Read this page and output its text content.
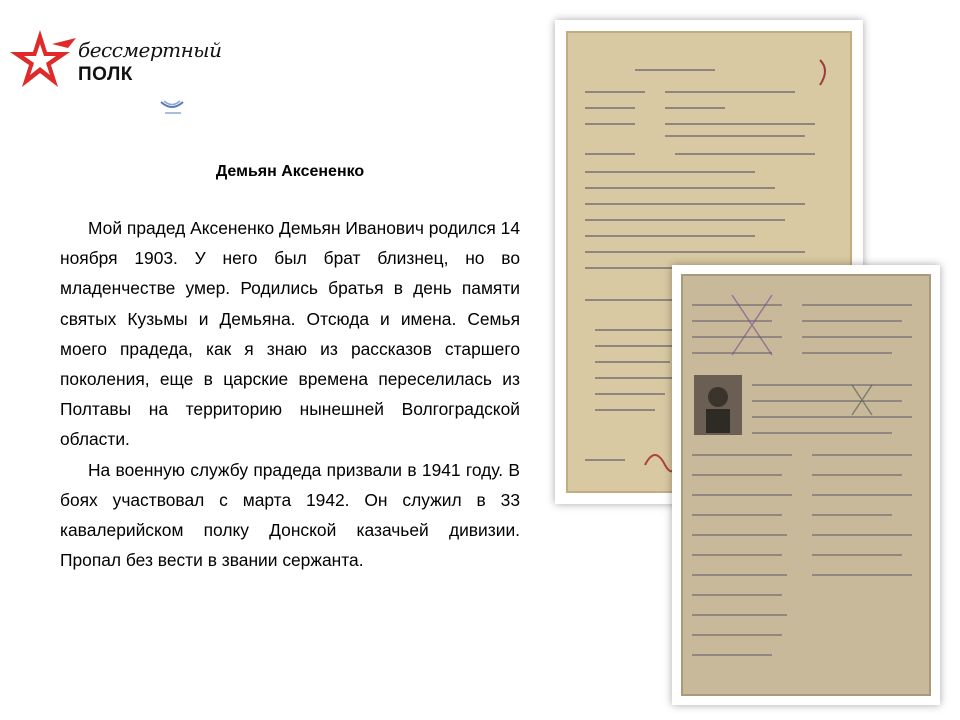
бессмертный
ПОЛК
Демьян Аксененко

Мой прадед Аксененко Демьян Иванович родился 14 ноября 1903. У него был брат близнец, но во младенчестве умер. Родились братья в день памяти святых Кузьмы и Демьяна. Отсюда и имена. Семья моего прадеда, как я знаю из рассказов старшего поколения, еще в царские времена переселилась из Полтавы на территорию нынешней Волгоградской области.

На военную службу прадеда призвали в 1941 году. В боях участвовал с марта 1942. Он служил в 33 кавалерийском полку Донской казачьей дивизии. Пропал без вести в звании сержанта.
